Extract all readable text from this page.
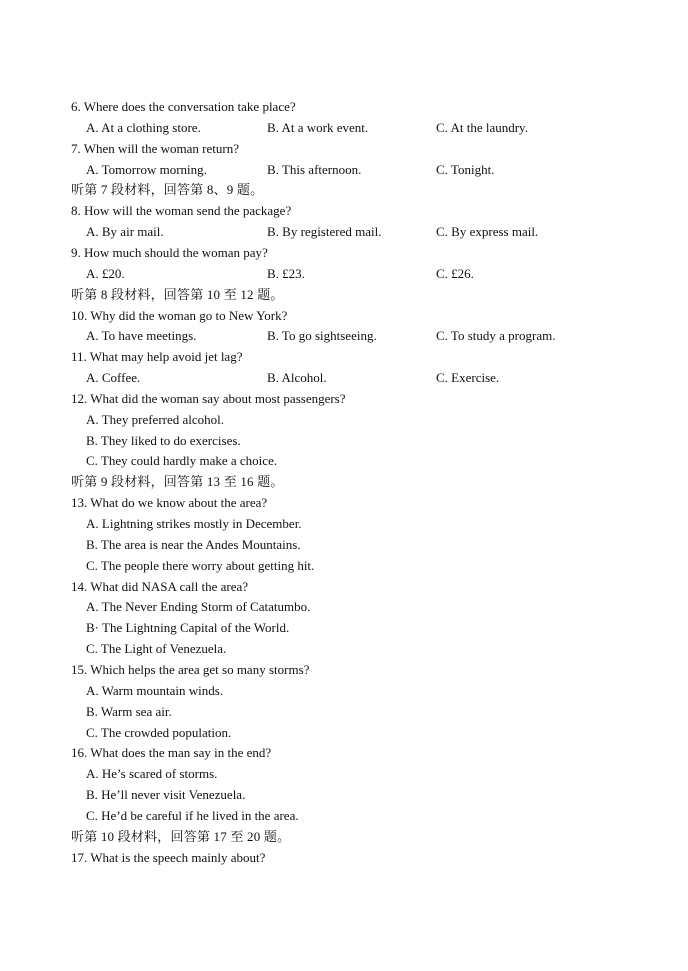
6. Where does the conversation take place?
A. At a clothing store.	B. At a work event.	C. At the laundry.
7. When will the woman return?
A. Tomorrow morning.	B. This afternoon.	C. Tonight.
听第 7 段材料，回答第 8、9 题。
8. How will the woman send the package?
A. By air mail.	B. By registered mail.	C. By express mail.
9. How much should the woman pay?
A. £20.	B. £23.	C. £26.
听第 8 段材料，回答第 10 至 12 题。
10. Why did the woman go to New York?
A. To have meetings.	B. To go sightseeing.	C. To study a program.
11. What may help avoid jet lag?
A. Coffee.	B. Alcohol.	C. Exercise.
12. What did the woman say about most passengers?
A. They preferred alcohol.
B. They liked to do exercises.
C. They could hardly make a choice.
听第 9 段材料，回答第 13 至 16 题。
13. What do we know about the area?
A. Lightning strikes mostly in December.
B. The area is near the Andes Mountains.
C. The people there worry about getting hit.
14. What did NASA call the area?
A. The Never Ending Storm of Catatumbo.
B· The Lightning Capital of the World.
C. The Light of Venezuela.
15. Which helps the area get so many storms?
A. Warm mountain winds.
B. Warm sea air.
C. The crowded population.
16. What does the man say in the end?
A. He’s scared of storms.
B. He’ll never visit Venezuela.
C. He’d be careful if he lived in the area.
听第 10 段材料，回答第 17 至 20 题。
17. What is the speech mainly about?
